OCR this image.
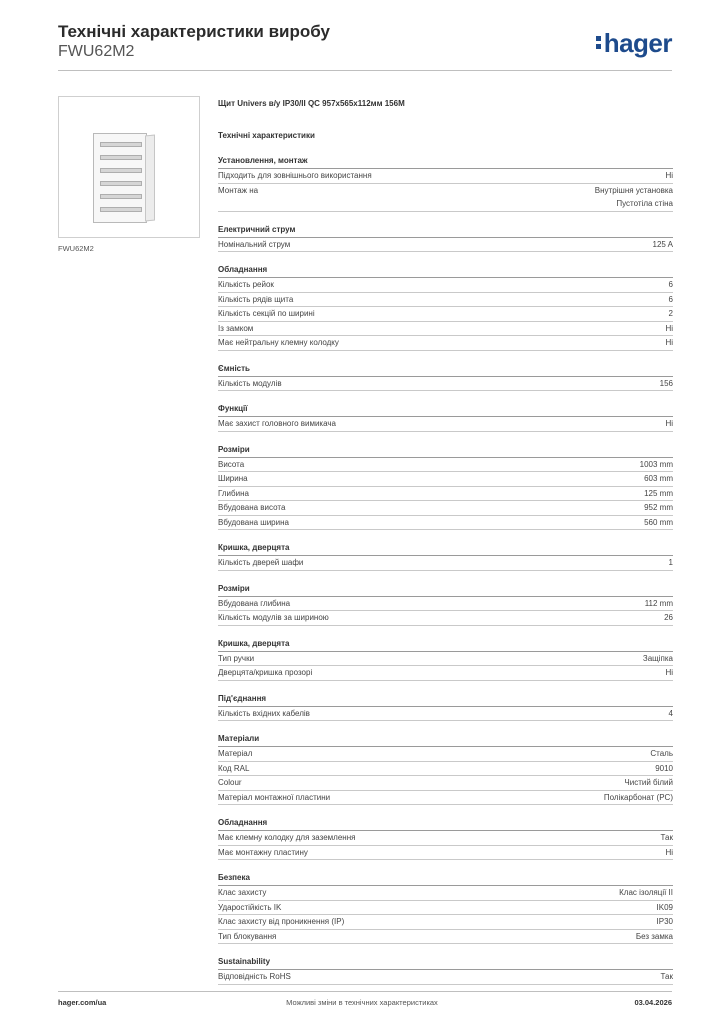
Технічні характеристики виробу
FWU62M2	hager
FWU62M2
Щит Univers в/у IP30/II QC 957x565x112мм 156M
Технічні характеристики
Установлення, монтаж
Підходить для зовнішнього використання	Ні
Монтаж на	Внутрішня установка
Пустотіла стіна
Електричний струм
Номінальний струм	125 A
Обладнання
Кількість рейок	6
Кількість рядів щита	6
Кількість секцій по ширині	2
Із замком	Ні
Має нейтральну клемну колодку	Ні
Ємність
Кількість модулів	156
Функції
Має захист головного вимикача	Ні
Розміри
Висота	1003 mm
Ширина	603 mm
Глибина	125 mm
Вбудована висота	952 mm
Вбудована ширина	560 mm
Кришка, дверцята
Кількість дверей шафи	1
Розміри
Вбудована глибина	112 mm
Кількість модулів за шириною	26
Кришка, дверцята
Тип ручки	Защіпка
Дверцята/кришка прозорі	Ні
Під'єднання
Кількість вхідних кабелів	4
Матеріали
Матеріал	Сталь
Код RAL	9010
Colour	Чистий білий
Матеріал монтажної пластини	Полікарбонат (PC)
Обладнання
Має клемну колодку для заземлення	Так
Має монтажну пластину	Ні
Безпека
Клас захисту	Клас ізоляції II
Ударостійкість IK	IK09
Клас захисту від проникнення (IP)	IP30
Тип блокування	Без замка
Sustainability
Відповідність RoHS	Так
hager.com/ua	Можливі зміни в технічних характеристиках	03.04.2026
